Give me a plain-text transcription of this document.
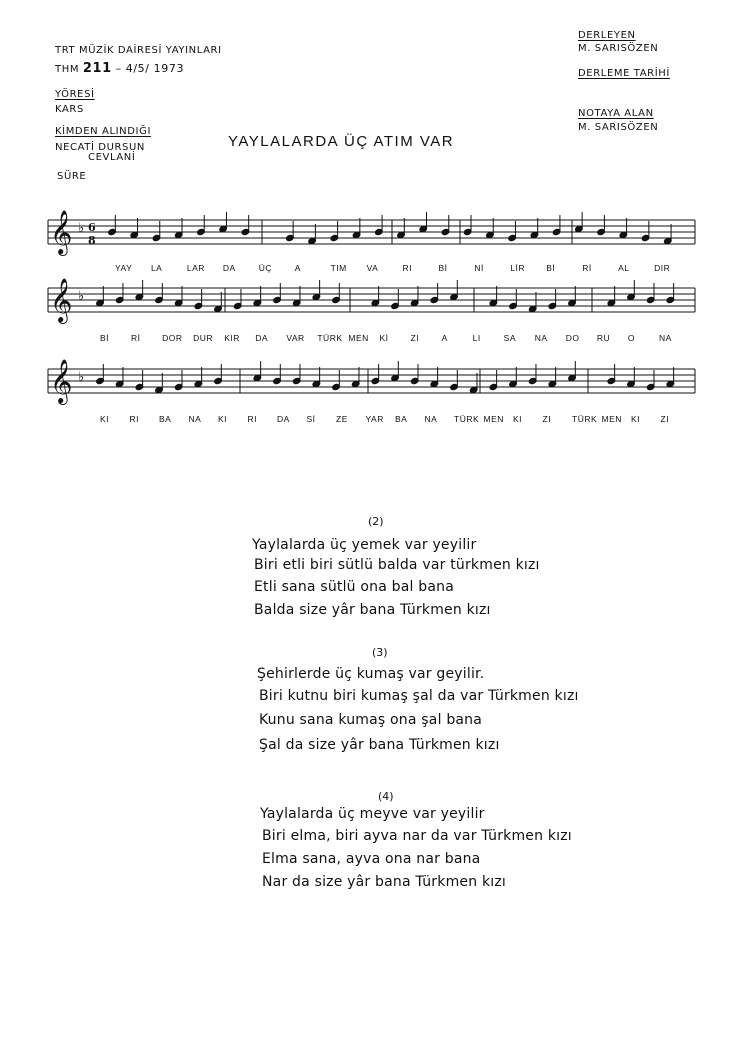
TRT MÜZİK DAİRESİ YAYINLARI
THM 211 – 4/5/ 1973
YÖRESİ
KARS
KİMDEN ALINDIĞI
NECATİ DURSUN
CEVLANİ
SÜRE
DERLEYEN
M. SARISÖZEN
DERLEME TARİHİ
NOTAYA ALAN
M. SARISÖZEN
YAYLALARDA ÜÇ ATIM VAR
𝄞 ♭ 6
8
𝄞 ♭
𝄞 ♭
YAY LA	LAR DA	ÜÇ	A	TIM VA	RI	Bİ	Nİ	LİR Bİ	Rİ	AL	DIR
Bİ	Rİ	DOR DUR KIR DA VAR TÜRK MEN Kİ	ZI	A	LI	SA NA DO RU O	NA
KI RI BA NA KI RI DA Sİ ZE YAR BA NA TÜRK MEN KI ZI TÜRK MEN KI ZI
(2)
Yaylalarda üç yemek var yeyilir
Biri etli biri sütlü balda var türkmen kızı
Etli sana sütlü ona bal bana
Balda size yâr bana Türkmen kızı
(3)
Şehirlerde üç kumaş var geyilir.
Biri kutnu biri kumaş şal da var Türkmen kızı
Kunu sana kumaş ona şal bana
Şal da size yâr bana Türkmen kızı
(4)
Yaylalarda üç meyve var yeyilir
Biri elma, biri ayva nar da var Türkmen kızı
Elma sana, ayva ona nar bana
Nar da size yâr bana Türkmen kızı
